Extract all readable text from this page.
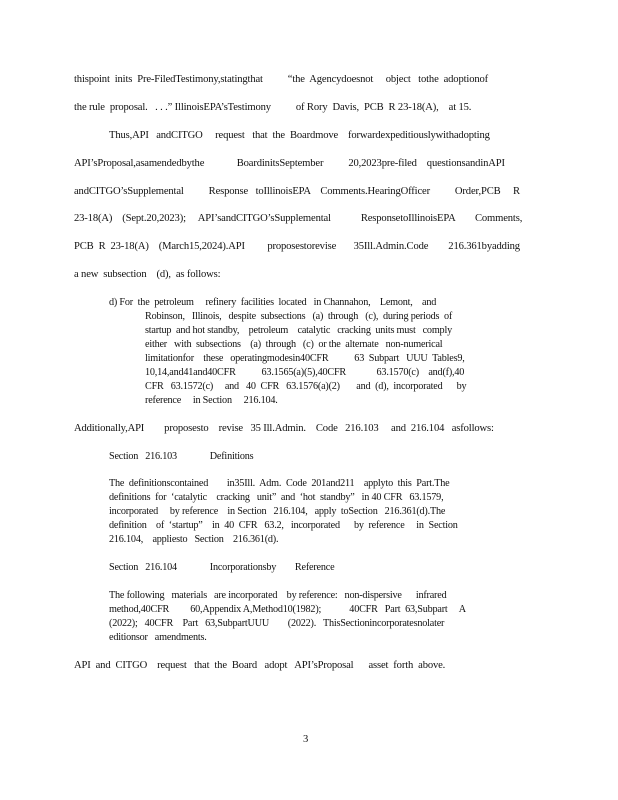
thispoint  inits  Pre-FiledTestimony,statingthat          “the  Agencydoesnot     object   tothe  adoptionof
the rule  proposal.   . . .” IllinoisEPA’sTestimony          of Rory  Davis,  PCB  R 23-18(A),    at 15.
Thus,API   andCITGO     request   that  the  Boardmove    forwardexpeditiouslywithadopting
API’sProposal,asamendedbythe             BoardinitsSeptember          20,2023pre-filed    questionsandinAPI
andCITGO’sSupplemental          Response   toIllinoisEPA    Comments.HearingOfficer          Order,PCB     R
23-18(A)    (Sept.20,2023);     API’sandCITGO’sSupplemental            ResponsetoIllinoisEPA        Comments,
PCB  R  23-18(A)    (March15,2024).API         proposestorevise       35Ill.Admin.Code        216.361byadding
a new  subsection    (d),  as follows:
d) For  the  petroleum     refinery  facilities  located   in Channahon,    Lemont,    and
Robinson,   Illinois,   despite  subsections   (a)  through   (c),  during periods  of
startup  and hot standby,    petroleum    catalytic   cracking  units must   comply
either   with  subsections    (a)  through   (c)  or the  alternate   non-numerical
limitationfor    these   operatingmodesin40CFR           63  Subpart   UUU  Tables9,
10,14,and41and40CFR           63.1565(a)(5),40CFR             63.1570(c)    and(f),40
CFR   63.1572(c)     and   40  CFR   63.1576(a)(2)       and  (d),  incorporated      by
reference     in Section     216.104.
Additionally,API        proposesto    revise   35 Ill.Admin.    Code   216.103     and  216.104   asfollows:
Section   216.103              Definitions
The  definitionscontained        in35Ill.  Adm.  Code  201and211    applyto  this  Part.The
definitions  for  ‘catalytic    cracking   unit”  and  ‘hot  standby”   in 40 CFR   63.1579,
incorporated     by reference    in Section   216.104,   apply  toSection   216.361(d).The
definition    of  ‘startup”    in  40  CFR   63.2,   incorporated      by  reference     in  Section
216.104,    appliesto   Section    216.361(d).
Section   216.104              Incorporationsby        Reference
The following   materials   are incorporated    by reference:   non-dispersive      infrared
method,40CFR         60,Appendix A,Method10(1982);            40CFR   Part  63,Subpart     A
(2022);   40CFR    Part   63,SubpartUUU        (2022).   ThisSectionincorporatesnolater
editionsor   amendments.
API  and  CITGO    request   that  the  Board   adopt   API’sProposal      asset  forth  above.
3
